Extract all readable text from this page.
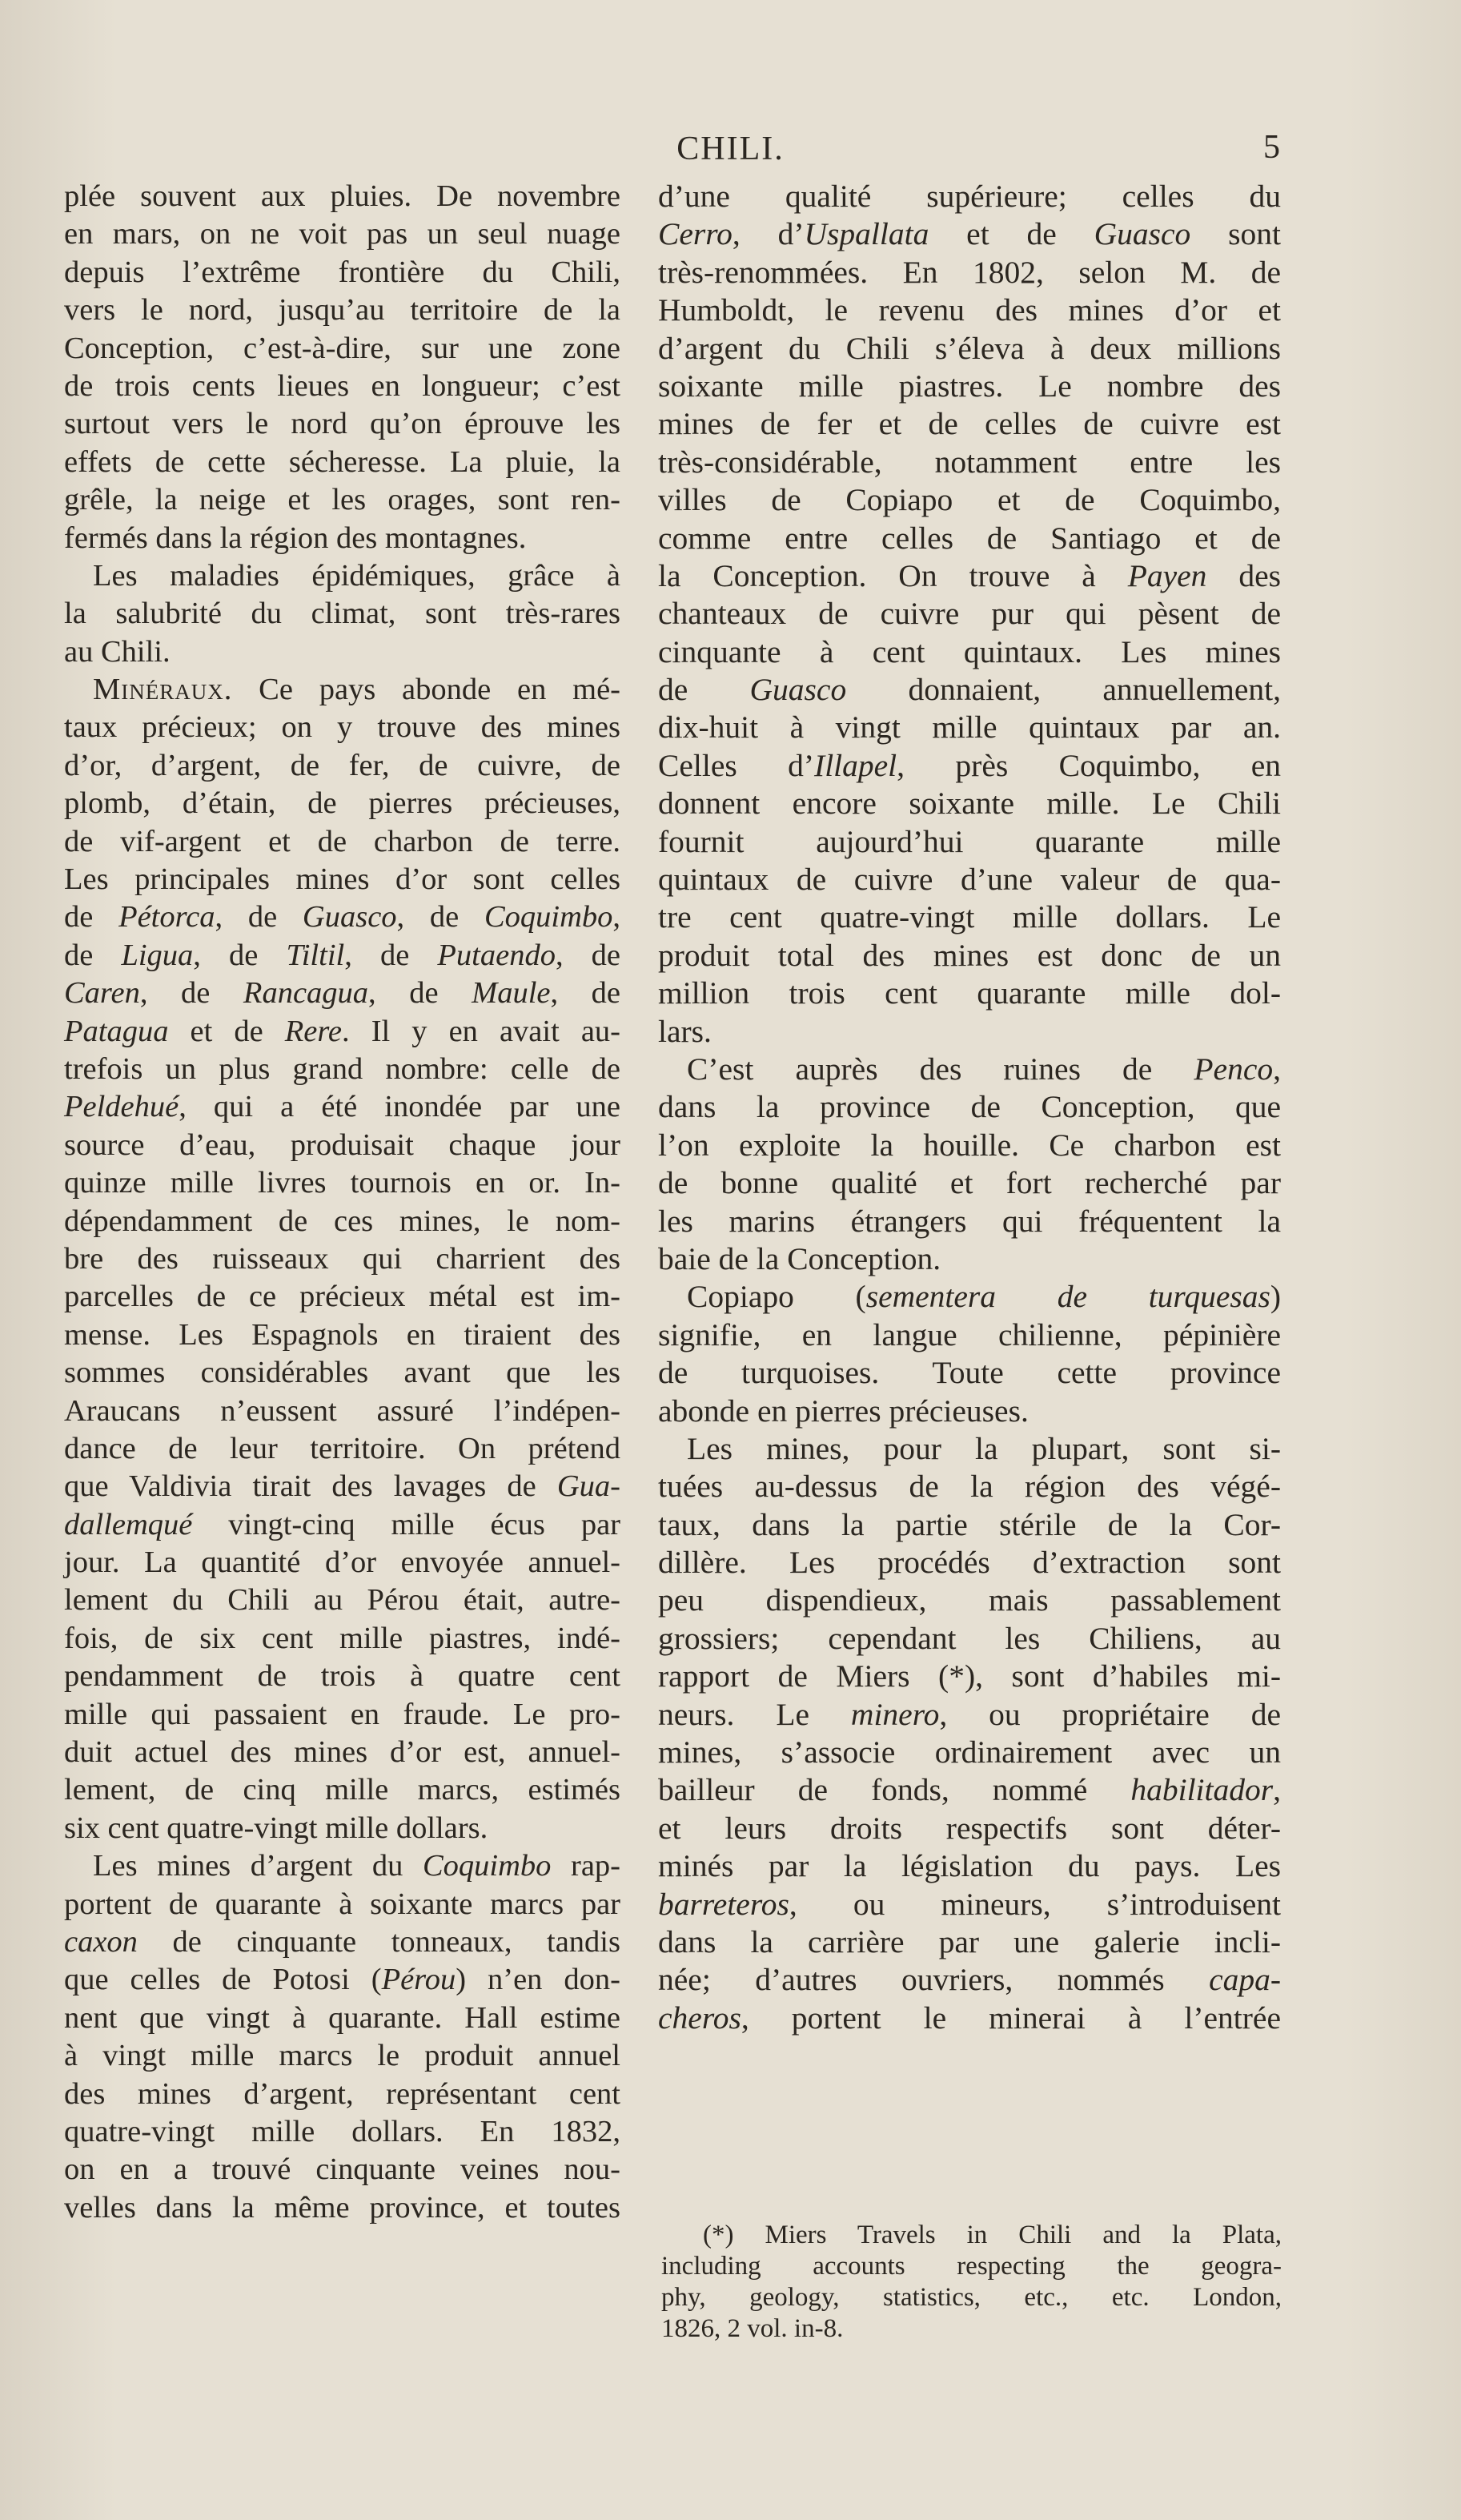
CHILI.	5
plée souvent aux pluies. De novembre
en mars, on ne voit pas un seul nuage
depuis l’extrême frontière du Chili,
vers le nord, jusqu’au territoire de la
Conception, c’est-à-dire, sur une zone
de trois cents lieues en longueur; c’est
surtout vers le nord qu’on éprouve les
effets de cette sécheresse. La pluie, la
grêle, la neige et les orages, sont ren-
fermés dans la région des montagnes.
Les maladies épidémiques, grâce à
la salubrité du climat, sont très-rares
au Chili.
Minéraux. Ce pays abonde en mé-
taux précieux; on y trouve des mines
d’or, d’argent, de fer, de cuivre, de
plomb, d’étain, de pierres précieuses,
de vif-argent et de charbon de terre.
Les principales mines d’or sont celles
de Pétorca, de Guasco, de Coquimbo,
de Ligua, de Tiltil, de Putaendo, de
Caren, de Rancagua, de Maule, de
Patagua et de Rere. Il y en avait au-
trefois un plus grand nombre: celle de
Peldehué, qui a été inondée par une
source d’eau, produisait chaque jour
quinze mille livres tournois en or. In-
dépendamment de ces mines, le nom-
bre des ruisseaux qui charrient des
parcelles de ce précieux métal est im-
mense. Les Espagnols en tiraient des
sommes considérables avant que les
Araucans n’eussent assuré l’indépen-
dance de leur territoire. On prétend
que Valdivia tirait des lavages de Gua-
dallemqué vingt-cinq mille écus par
jour. La quantité d’or envoyée annuel-
lement du Chili au Pérou était, autre-
fois, de six cent mille piastres, indé-
pendamment de trois à quatre cent
mille qui passaient en fraude. Le pro-
duit actuel des mines d’or est, annuel-
lement, de cinq mille marcs, estimés
six cent quatre-vingt mille dollars.
Les mines d’argent du Coquimbo rap-
portent de quarante à soixante marcs par
caxon de cinquante tonneaux, tandis
que celles de Potosi (Pérou) n’en don-
nent que vingt à quarante. Hall estime
à vingt mille marcs le produit annuel
des mines d’argent, représentant cent
quatre-vingt mille dollars. En 1832,
on en a trouvé cinquante veines nou-
velles dans la même province, et toutes
d’une qualité supérieure; celles du
Cerro, d’Uspallata et de Guasco sont
très-renommées. En 1802, selon M. de
Humboldt, le revenu des mines d’or et
d’argent du Chili s’éleva à deux millions
soixante mille piastres. Le nombre des
mines de fer et de celles de cuivre est
très-considérable, notamment entre les
villes de Copiapo et de Coquimbo,
comme entre celles de Santiago et de
la Conception. On trouve à Payen des
chanteaux de cuivre pur qui pèsent de
cinquante à cent quintaux. Les mines
de Guasco donnaient, annuellement,
dix-huit à vingt mille quintaux par an.
Celles d’Illapel, près Coquimbo, en
donnent encore soixante mille. Le Chili
fournit aujourd’hui quarante mille
quintaux de cuivre d’une valeur de qua-
tre cent quatre-vingt mille dollars. Le
produit total des mines est donc de un
million trois cent quarante mille dol-
lars.
C’est auprès des ruines de Penco,
dans la province de Conception, que
l’on exploite la houille. Ce charbon est
de bonne qualité et fort recherché par
les marins étrangers qui fréquentent la
baie de la Conception.
Copiapo (sementera de turquesas)
signifie, en langue chilienne, pépinière
de turquoises. Toute cette province
abonde en pierres précieuses.
Les mines, pour la plupart, sont si-
tuées au-dessus de la région des végé-
taux, dans la partie stérile de la Cor-
dillère. Les procédés d’extraction sont
peu dispendieux, mais passablement
grossiers; cependant les Chiliens, au
rapport de Miers (*), sont d’habiles mi-
neurs. Le minero, ou propriétaire de
mines, s’associe ordinairement avec un
bailleur de fonds, nommé habilitador,
et leurs droits respectifs sont déter-
minés par la législation du pays. Les
barreteros, ou mineurs, s’introduisent
dans la carrière par une galerie incli-
née; d’autres ouvriers, nommés capa-
cheros, portent le minerai à l’entrée
(*) Miers Travels in Chili and la Plata,
including accounts respecting the geogra-
phy, geology, statistics, etc., etc. London,
1826, 2 vol. in-8.
